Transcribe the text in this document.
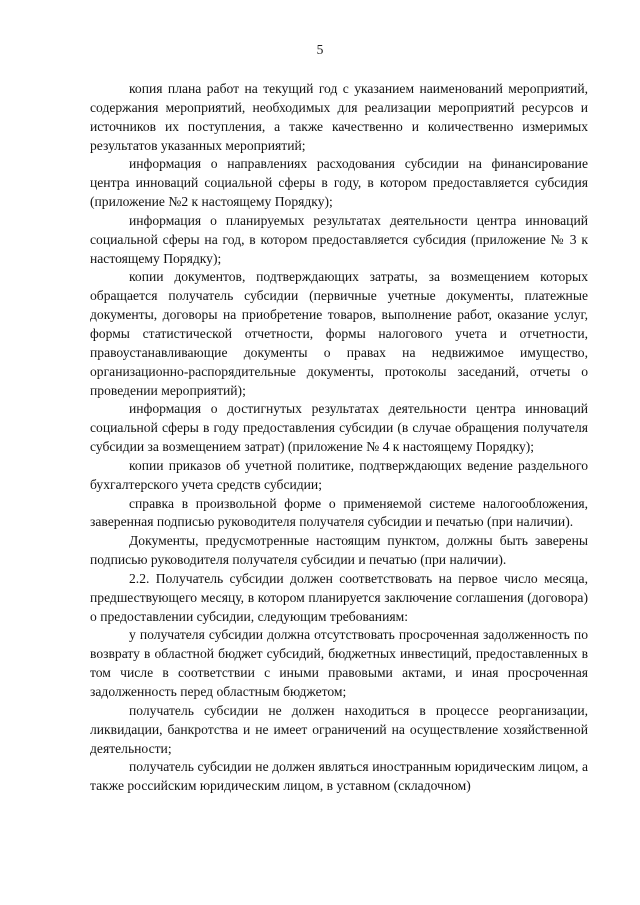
5

копия плана работ на текущий год с указанием наименований мероприятий, содержания мероприятий, необходимых для реализации мероприятий ресурсов и источников их поступления, а также качественно и количественно измеримых результатов указанных мероприятий;

информация о направлениях расходования субсидии на финансирование центра инноваций социальной сферы в году, в котором предоставляется субсидия (приложение №2 к настоящему Порядку);

информация о планируемых результатах деятельности центра инноваций социальной сферы на год, в котором предоставляется субсидия (приложение № 3 к настоящему Порядку);

копии документов, подтверждающих затраты, за возмещением которых обращается получатель субсидии (первичные учетные документы, платежные документы, договоры на приобретение товаров, выполнение работ, оказание услуг, формы статистической отчетности, формы налогового учета и отчетности, правоустанавливающие документы о правах на недвижимое имущество, организационно-распорядительные документы, протоколы заседаний, отчеты о проведении мероприятий);

информация о достигнутых результатах деятельности центра инноваций социальной сферы в году предоставления субсидии (в случае обращения получателя субсидии за возмещением затрат) (приложение № 4 к настоящему Порядку);

копии приказов об учетной политике, подтверждающих ведение раздельного бухгалтерского учета средств субсидии;

справка в произвольной форме о применяемой системе налогообложения, заверенная подписью руководителя получателя субсидии и печатью (при наличии).

Документы, предусмотренные настоящим пунктом, должны быть заверены подписью руководителя получателя субсидии и печатью (при наличии).

2.2. Получатель субсидии должен соответствовать на первое число месяца, предшествующего месяцу, в котором планируется заключение соглашения (договора) о предоставлении субсидии, следующим требованиям:

у получателя субсидии должна отсутствовать просроченная задолженность по возврату в областной бюджет субсидий, бюджетных инвестиций, предоставленных в том числе в соответствии с иными правовыми актами, и иная просроченная задолженность перед областным бюджетом;

получатель субсидии не должен находиться в процессе реорганизации, ликвидации, банкротства и не имеет ограничений на осуществление хозяйственной деятельности;

получатель субсидии не должен являться иностранным юридическим лицом, а также российским юридическим лицом, в уставном (складочном)
